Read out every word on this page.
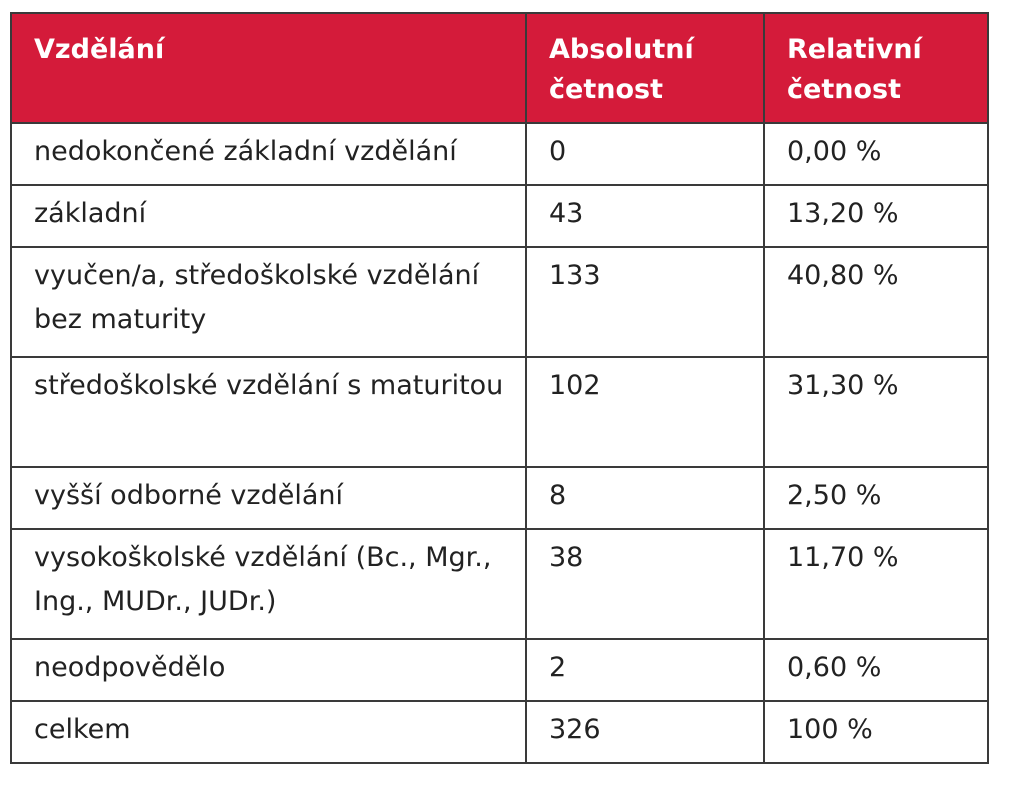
Vzdělání	Absolutní četnost	Relativní četnost
nedokončené základní vzdělání	0	0,00 %
základní	43	13,20 %
vyučen/a, středoškolské vzdělání bez maturity	133	40,80 %
středoškolské vzdělání s maturitou	102	31,30 %
vyšší odborné vzdělání	8	2,50 %
vysokoškolské vzdělání (Bc., Mgr., Ing., MUDr., JUDr.)	38	11,70 %
neodpovědělo	2	0,60 %
celkem	326	100 %
